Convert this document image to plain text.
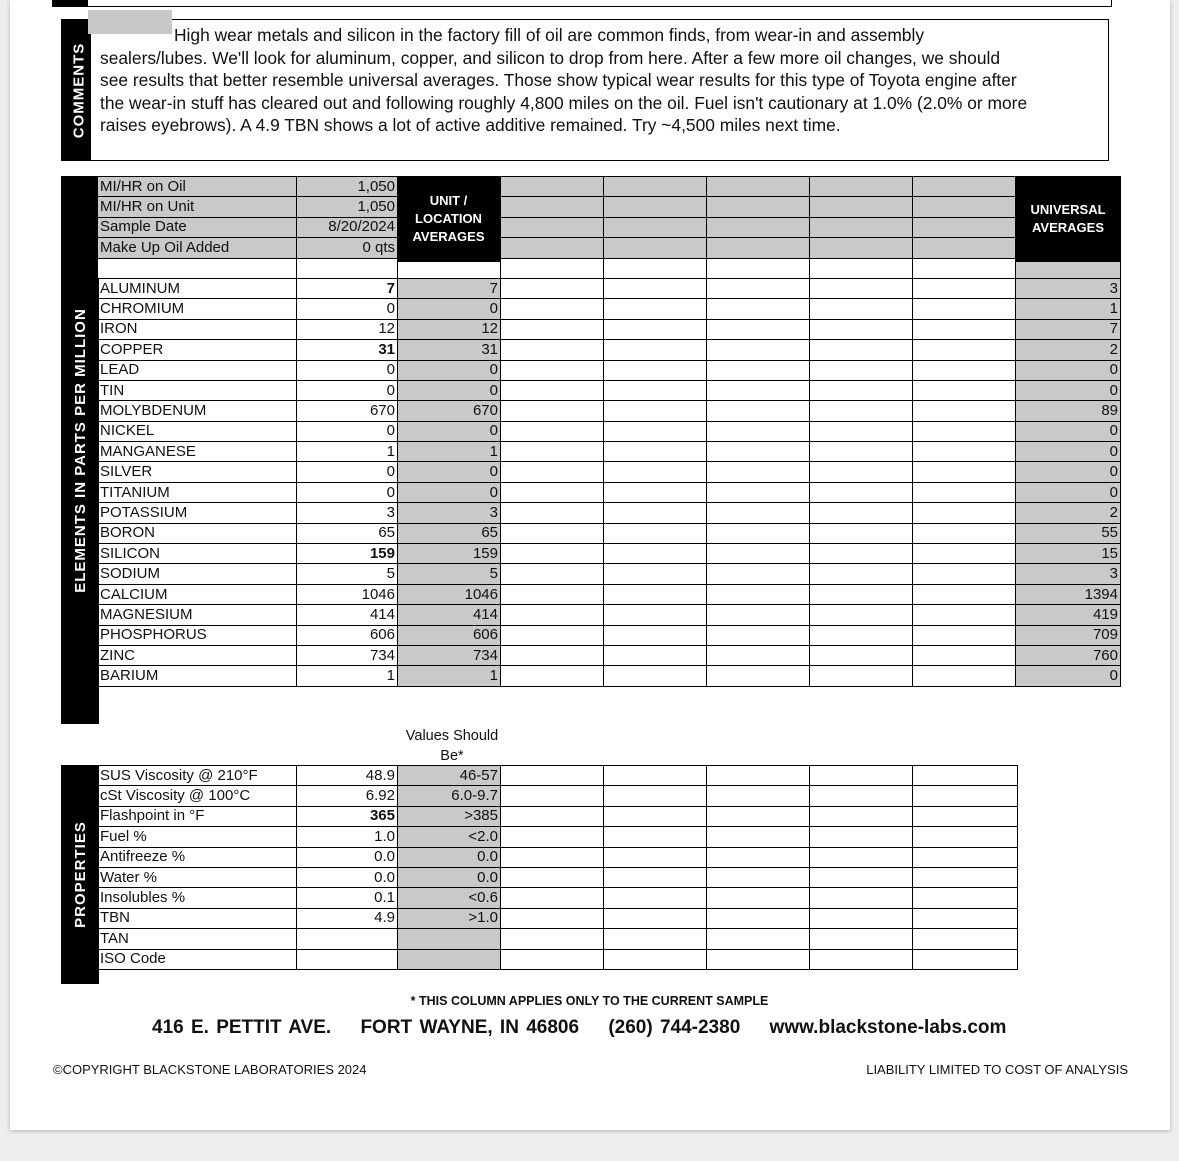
COMMENTS
High wear metals and silicon in the factory fill of oil are common finds, from wear-in and assembly sealers/lubes. We'll look for aluminum, copper, and silicon to drop from here. After a few more oil changes, we should see results that better resemble universal averages. Those show typical wear results for this type of Toyota engine after the wear-in stuff has cleared out and following roughly 4,800 miles on the oil. Fuel isn't cautionary at 1.0% (2.0% or more raises eyebrows). A 4.9 TBN shows a lot of active additive remained. Try ~4,500 miles next time.
ELEMENTS IN PARTS PER MILLION
MI/HR on Oil	1,050							
MI/HR on Unit	1,050							
Sample Date	8/20/2024							
Make Up Oil Added	0 qts							

ALUMINUM	7	7						3
CHROMIUM	0	0						1
IRON	12	12						7
COPPER	31	31						2
LEAD	0	0						0
TIN	0	0						0
MOLYBDENUM	670	670						89
NICKEL	0	0						0
MANGANESE	1	1						0
SILVER	0	0						0
TITANIUM	0	0						0
POTASSIUM	3	3						2
BORON	65	65						55
SILICON	159	159						15
SODIUM	5	5						3
CALCIUM	1046	1046						1394
MAGNESIUM	414	414						419
PHOSPHORUS	606	606						709
ZINC	734	734						760
BARIUM	1	1						0
UNIT / LOCATION AVERAGES
UNIVERSAL AVERAGES
Values Should Be*
PROPERTIES
SUS Viscosity @ 210°F	48.9	46-57					
cSt Viscosity @ 100°C	6.92	6.0-9.7					
Flashpoint in °F	365	>385					
Fuel %	1.0	<2.0					
Antifreeze %	0.0	0.0					
Water %	0.0	0.0					
Insolubles %	0.1	<0.6					
TBN	4.9	>1.0					
TAN							
ISO Code							
* THIS COLUMN APPLIES ONLY TO THE CURRENT SAMPLE
416 E. PETTIT AVE. FORT WAYNE, IN 46806 (260) 744-2380 www.blackstone-labs.com
©COPYRIGHT BLACKSTONE LABORATORIES 2024	LIABILITY LIMITED TO COST OF ANALYSIS
